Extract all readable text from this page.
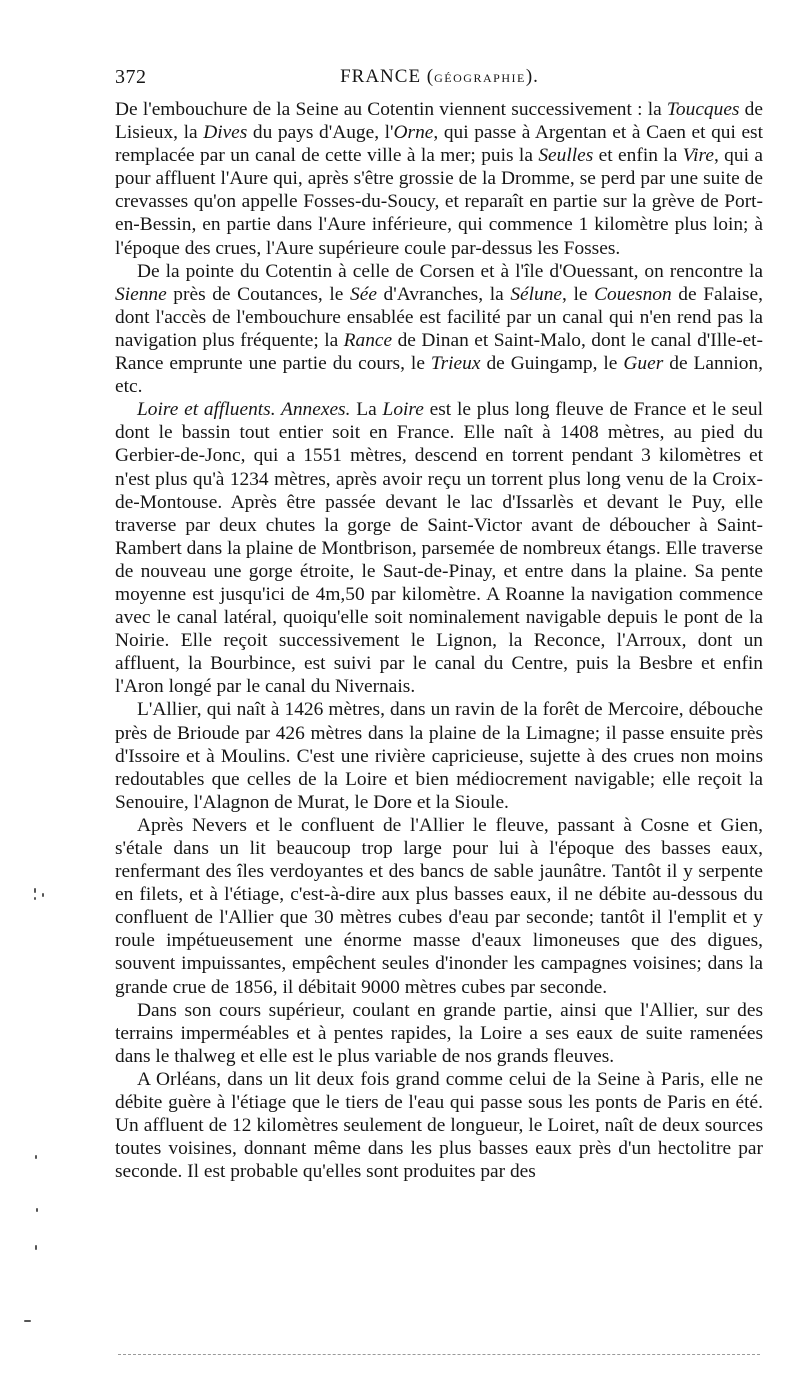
372	FRANCE (GÉOGRAPHIE).

De l'embouchure de la Seine au Cotentin viennent successivement : la Toucques de Lisieux, la Dives du pays d'Auge, l'Orne, qui passe à Argentan et à Caen et qui est remplacée par un canal de cette ville à la mer; puis la Seulles et enfin la Vire, qui a pour affluent l'Aure qui, après s'être grossie de la Dromme, se perd par une suite de crevasses qu'on appelle Fosses-du-Soucy, et reparaît en partie sur la grève de Port-en-Bessin, en partie dans l'Aure inférieure, qui commence 1 kilomètre plus loin; à l'époque des crues, l'Aure supérieure coule par-dessus les Fosses.

De la pointe du Cotentin à celle de Corsen et à l'île d'Ouessant, on rencontre la Sienne près de Coutances, le Sée d'Avranches, la Sélune, le Couesnon de Falaise, dont l'accès de l'embouchure ensablée est facilité par un canal qui n'en rend pas la navigation plus fréquente; la Rance de Dinan et Saint-Malo, dont le canal d'Ille-et-Rance emprunte une partie du cours, le Trieux de Guingamp, le Guer de Lannion, etc.

Loire et affluents. Annexes. La Loire est le plus long fleuve de France et le seul dont le bassin tout entier soit en France. Elle naît à 1408 mètres, au pied du Gerbier-de-Jonc, qui a 1551 mètres, descend en torrent pendant 3 kilomètres et n'est plus qu'à 1234 mètres, après avoir reçu un torrent plus long venu de la Croix-de-Montouse. Après être passée devant le lac d'Issarlès et devant le Puy, elle traverse par deux chutes la gorge de Saint-Victor avant de déboucher à Saint-Rambert dans la plaine de Montbrison, parsemée de nombreux étangs. Elle traverse de nouveau une gorge étroite, le Saut-de-Pinay, et entre dans la plaine. Sa pente moyenne est jusqu'ici de 4m,50 par kilomètre. A Roanne la navigation commence avec le canal latéral, quoiqu'elle soit nominalement navigable depuis le pont de la Noirie. Elle reçoit successivement le Lignon, la Reconce, l'Arroux, dont un affluent, la Bourbince, est suivi par le canal du Centre, puis la Besbre et enfin l'Aron longé par le canal du Nivernais.

L'Allier, qui naît à 1426 mètres, dans un ravin de la forêt de Mercoire, débouche près de Brioude par 426 mètres dans la plaine de la Limagne; il passe ensuite près d'Issoire et à Moulins. C'est une rivière capricieuse, sujette à des crues non moins redoutables que celles de la Loire et bien médiocrement navigable; elle reçoit la Senouire, l'Alagnon de Murat, le Dore et la Sioule.

Après Nevers et le confluent de l'Allier le fleuve, passant à Cosne et Gien, s'étale dans un lit beaucoup trop large pour lui à l'époque des basses eaux, renfermant des îles verdoyantes et des bancs de sable jaunâtre. Tantôt il y serpente en filets, et à l'étiage, c'est-à-dire aux plus basses eaux, il ne débite au-dessous du confluent de l'Allier que 30 mètres cubes d'eau par seconde; tantôt il l'emplit et y roule impétueusement une énorme masse d'eaux limoneuses que des digues, souvent impuissantes, empêchent seules d'inonder les campagnes voisines; dans la grande crue de 1856, il débitait 9000 mètres cubes par seconde.

Dans son cours supérieur, coulant en grande partie, ainsi que l'Allier, sur des terrains imperméables et à pentes rapides, la Loire a ses eaux de suite ramenées dans le thalweg et elle est le plus variable de nos grands fleuves.

A Orléans, dans un lit deux fois grand comme celui de la Seine à Paris, elle ne débite guère à l'étiage que le tiers de l'eau qui passe sous les ponts de Paris en été. Un affluent de 12 kilomètres seulement de longueur, le Loiret, naît de deux sources toutes voisines, donnant même dans les plus basses eaux près d'un hectolitre par seconde. Il est probable qu'elles sont produites par des
